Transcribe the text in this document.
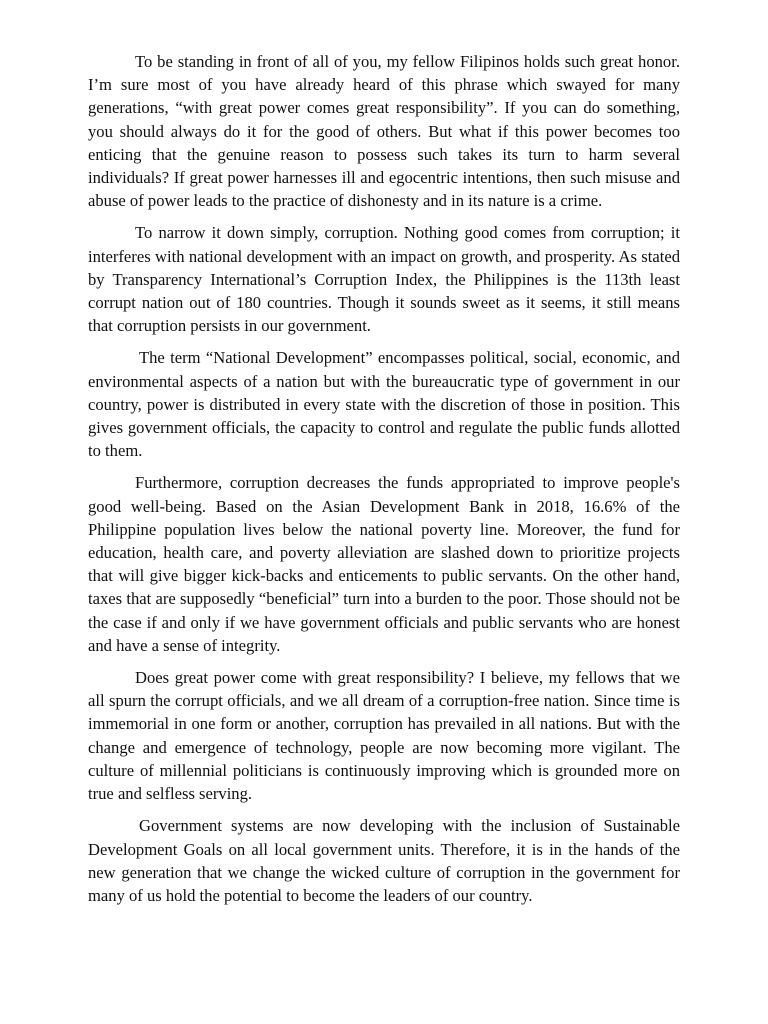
To be standing in front of all of you, my fellow Filipinos holds such great honor. I’m sure most of you have already heard of this phrase which swayed for many generations, “with great power comes great responsibility”. If you can do something, you should always do it for the good of others. But what if this power becomes too enticing that the genuine reason to possess such takes its turn to harm several individuals? If great power harnesses ill and egocentric intentions, then such misuse and abuse of power leads to the practice of dishonesty and in its nature is a crime.

To narrow it down simply, corruption. Nothing good comes from corruption; it interferes with national development with an impact on growth, and prosperity. As stated by Transparency International’s Corruption Index, the Philippines is the 113th least corrupt nation out of 180 countries. Though it sounds sweet as it seems, it still means that corruption persists in our government.

The term “National Development” encompasses political, social, economic, and environmental aspects of a nation but with the bureaucratic type of government in our country, power is distributed in every state with the discretion of those in position. This gives government officials, the capacity to control and regulate the public funds allotted to them.

Furthermore, corruption decreases the funds appropriated to improve people's good well-being. Based on the Asian Development Bank in 2018, 16.6% of the Philippine population lives below the national poverty line. Moreover, the fund for education, health care, and poverty alleviation are slashed down to prioritize projects that will give bigger kick-backs and enticements to public servants. On the other hand, taxes that are supposedly “beneficial” turn into a burden to the poor. Those should not be the case if and only if we have government officials and public servants who are honest and have a sense of integrity.

Does great power come with great responsibility? I believe, my fellows that we all spurn the corrupt officials, and we all dream of a corruption-free nation. Since time is immemorial in one form or another, corruption has prevailed in all nations. But with the change and emergence of technology, people are now becoming more vigilant. The culture of millennial politicians is continuously improving which is grounded more on true and selfless serving.

Government systems are now developing with the inclusion of Sustainable Development Goals on all local government units. Therefore, it is in the hands of the new generation that we change the wicked culture of corruption in the government for many of us hold the potential to become the leaders of our country.
